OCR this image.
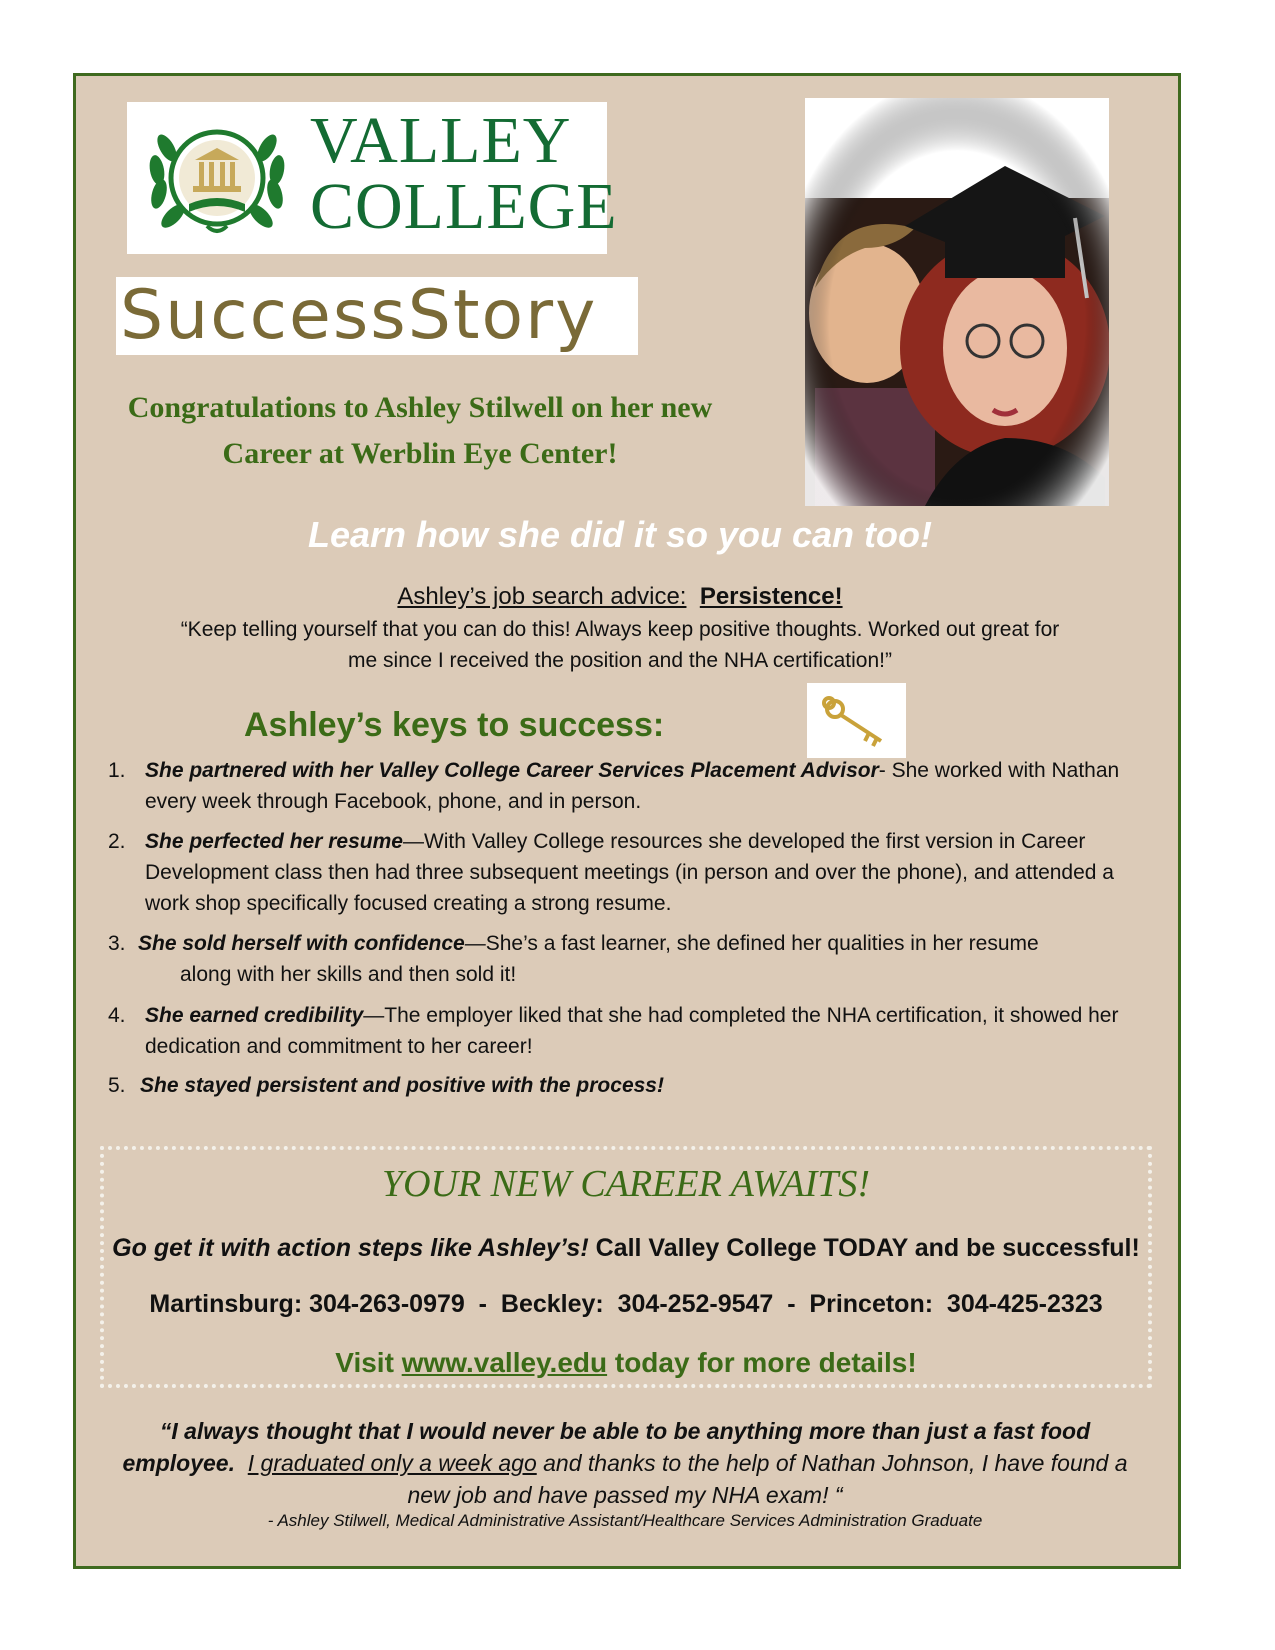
VALLEY
COLLEGE
SuccessStory
Congratulations to Ashley Stilwell on her new
Career at Werblin Eye Center!
Learn how she did it so you can too!
Ashley’s job search advice: Persistence!
“Keep telling yourself that you can do this! Always keep positive thoughts. Worked out great for
me since I received the position and the NHA certification!”
Ashley’s keys to success:
1. She partnered with her Valley College Career Services Placement Advisor- She worked with Nathan every week through Facebook, phone, and in person.
2. She perfected her resume—With Valley College resources she developed the first version in Career Development class then had three subsequent meetings (in person and over the phone), and attended a work shop specifically focused creating a strong resume.
3. She sold herself with confidence—She’s a fast learner, she defined her qualities in her resume
along with her skills and then sold it!
4. She earned credibility—The employer liked that she had completed the NHA certification, it showed her dedication and commitment to her career!
5. She stayed persistent and positive with the process!
YOUR NEW CAREER AWAITS!
Go get it with action steps like Ashley’s! Call Valley College TODAY and be successful!
Martinsburg: 304-263-0979  -  Beckley:  304-252-9547  -  Princeton:  304-425-2323
Visit www.valley.edu today for more details!
“I always thought that I would never be able to be anything more than just a fast food employee. I graduated only a week ago and thanks to the help of Nathan Johnson, I have found a new job and have passed my NHA exam! “
- Ashley Stilwell, Medical Administrative Assistant/Healthcare Services Administration Graduate
